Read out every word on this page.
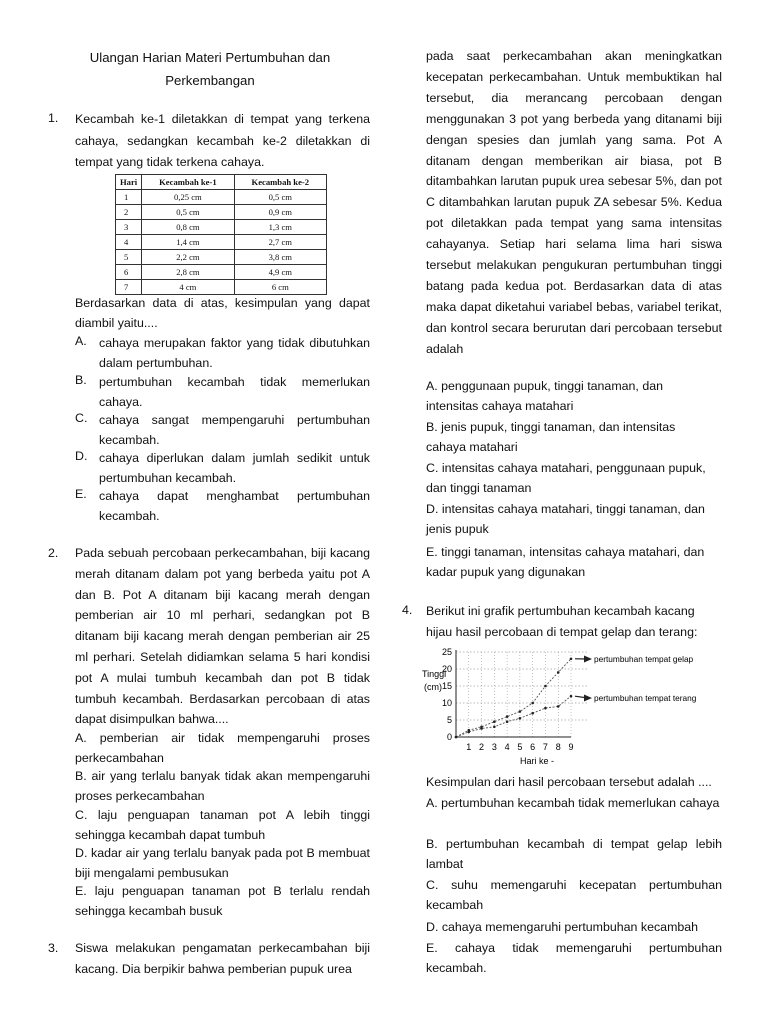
Ulangan Harian Materi Pertumbuhan dan
Perkembangan
1. Kecambah ke-1 diletakkan di tempat yang terkena cahaya, sedangkan kecambah ke-2 diletakkan di tempat yang tidak terkena cahaya.
Hari	Kecambah ke-1	Kecambah ke-2
1	0,25 cm	0,5 cm
2	0,5 cm	0,9 cm
3	0,8 cm	1,3 cm
4	1,4 cm	2,7 cm
5	2,2 cm	3,8 cm
6	2,8 cm	4,9 cm
7	4 cm	6 cm
Berdasarkan data di atas, kesimpulan yang dapat diambil yaitu....
A. cahaya merupakan faktor yang tidak dibutuhkan dalam pertumbuhan.
B. pertumbuhan kecambah tidak memerlukan cahaya.
C. cahaya sangat mempengaruhi pertumbuhan kecambah.
D. cahaya diperlukan dalam jumlah sedikit untuk pertumbuhan kecambah.
E. cahaya dapat menghambat pertumbuhan kecambah.
2. Pada sebuah percobaan perkecambahan, biji kacang merah ditanam dalam pot yang berbeda yaitu pot A dan B. Pot A ditanam biji kacang merah dengan pemberian air 10 ml perhari, sedangkan pot B ditanam biji kacang merah dengan pemberian air 25 ml perhari. Setelah didiamkan selama 5 hari kondisi pot A mulai tumbuh kecambah dan pot B tidak tumbuh kecambah. Berdasarkan percobaan di atas dapat disimpulkan bahwa....
A. pemberian air tidak mempengaruhi proses perkecambahan
B. air yang terlalu banyak tidak akan mempengaruhi proses perkecambahan
C. laju penguapan tanaman pot A lebih tinggi sehingga kecambah dapat tumbuh
D. kadar air yang terlalu banyak pada pot B membuat biji mengalami pembusukan
E. laju penguapan tanaman pot B terlalu rendah sehingga kecambah busuk
3. Siswa melakukan pengamatan perkecambahan biji kacang. Dia berpikir bahwa pemberian pupuk urea
pada saat perkecambahan akan meningkatkan kecepatan perkecambahan. Untuk membuktikan hal tersebut, dia merancang percobaan dengan menggunakan 3 pot yang berbeda yang ditanami biji dengan spesies dan jumlah yang sama. Pot A ditanam dengan memberikan air biasa, pot B ditambahkan larutan pupuk urea sebesar 5%, dan pot C ditambahkan larutan pupuk ZA sebesar 5%. Kedua pot diletakkan pada tempat yang sama intensitas cahayanya. Setiap hari selama lima hari siswa tersebut melakukan pengukuran pertumbuhan tinggi batang pada kedua pot. Berdasarkan data di atas maka dapat diketahui variabel bebas, variabel terikat, dan kontrol secara berurutan dari percobaan tersebut adalah
A. penggunaan pupuk, tinggi tanaman, dan intensitas cahaya matahari
B. jenis pupuk, tinggi tanaman, dan intensitas cahaya matahari
C. intensitas cahaya matahari, penggunaan pupuk, dan tinggi tanaman
D. intensitas cahaya matahari, tinggi tanaman, dan jenis pupuk
E. tinggi tanaman, intensitas cahaya matahari, dan kadar pupuk yang digunakan
4. Berikut ini grafik pertumbuhan kecambah kacang hijau hasil percobaan di tempat gelap dan terang:
Tinggi
(cm)
Hari ke -
0
5
10
15
20
25
1 2 3 4 5 6 7 8 9
pertumbuhan tempat gelap
pertumbuhan tempat terang
Kesimpulan dari hasil percobaan tersebut adalah ....
A. pertumbuhan kecambah tidak memerlukan cahaya
B. pertumbuhan kecambah di tempat gelap lebih lambat
C. suhu memengaruhi kecepatan pertumbuhan kecambah
D. cahaya memengaruhi pertumbuhan kecambah
E. cahaya tidak memengaruhi pertumbuhan kecambah.
